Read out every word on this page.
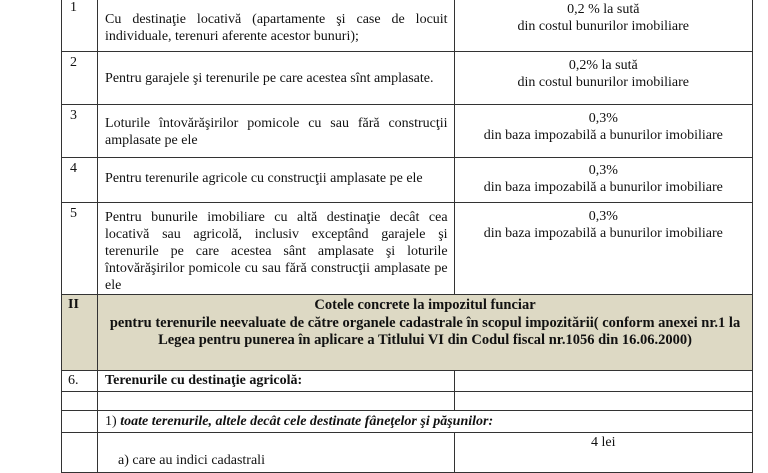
1	Cu destinaţie locativă (apartamente şi case de locuit individuale, terenuri aferente acestor bunuri);	0,2 % la sută
din costul bunurilor imobiliare

2	Pentru garajele şi terenurile pe care acestea sînt amplasate.	0,2% la sută
din costul bunurilor imobiliare

3	Loturile întovărăşirilor pomicole cu sau fără construcţii amplasate pe ele	0,3%
din baza impozabilă a bunurilor imobiliare

4	Pentru terenurile agricole cu construcţii amplasate pe ele	0,3%
din baza impozabilă a bunurilor imobiliare

5	Pentru bunurile imobiliare cu altă destinaţie decât cea locativă sau agricolă, inclusiv exceptând garajele şi terenurile pe care acestea sânt amplasate şi loturile întovărăşirilor pomicole cu sau fără construcţii amplasate pe ele	0,3%
din baza impozabilă a bunurilor imobiliare

II	Cotele concrete la impozitul funciar
pentru terenurile neevaluate de către organele cadastrale în scopul impozitării( conform anexei nr.1 la Legea pentru punerea în aplicare a Titlului VI din Codul fiscal nr.1056 din 16.06.2000)	

6.	Terenurile cu destinaţie agricolă:	

	1) toate terenurile, altele decât cele destinate fâneţelor şi păşunilor:	

	a) care au indici cadastrali	4 lei
